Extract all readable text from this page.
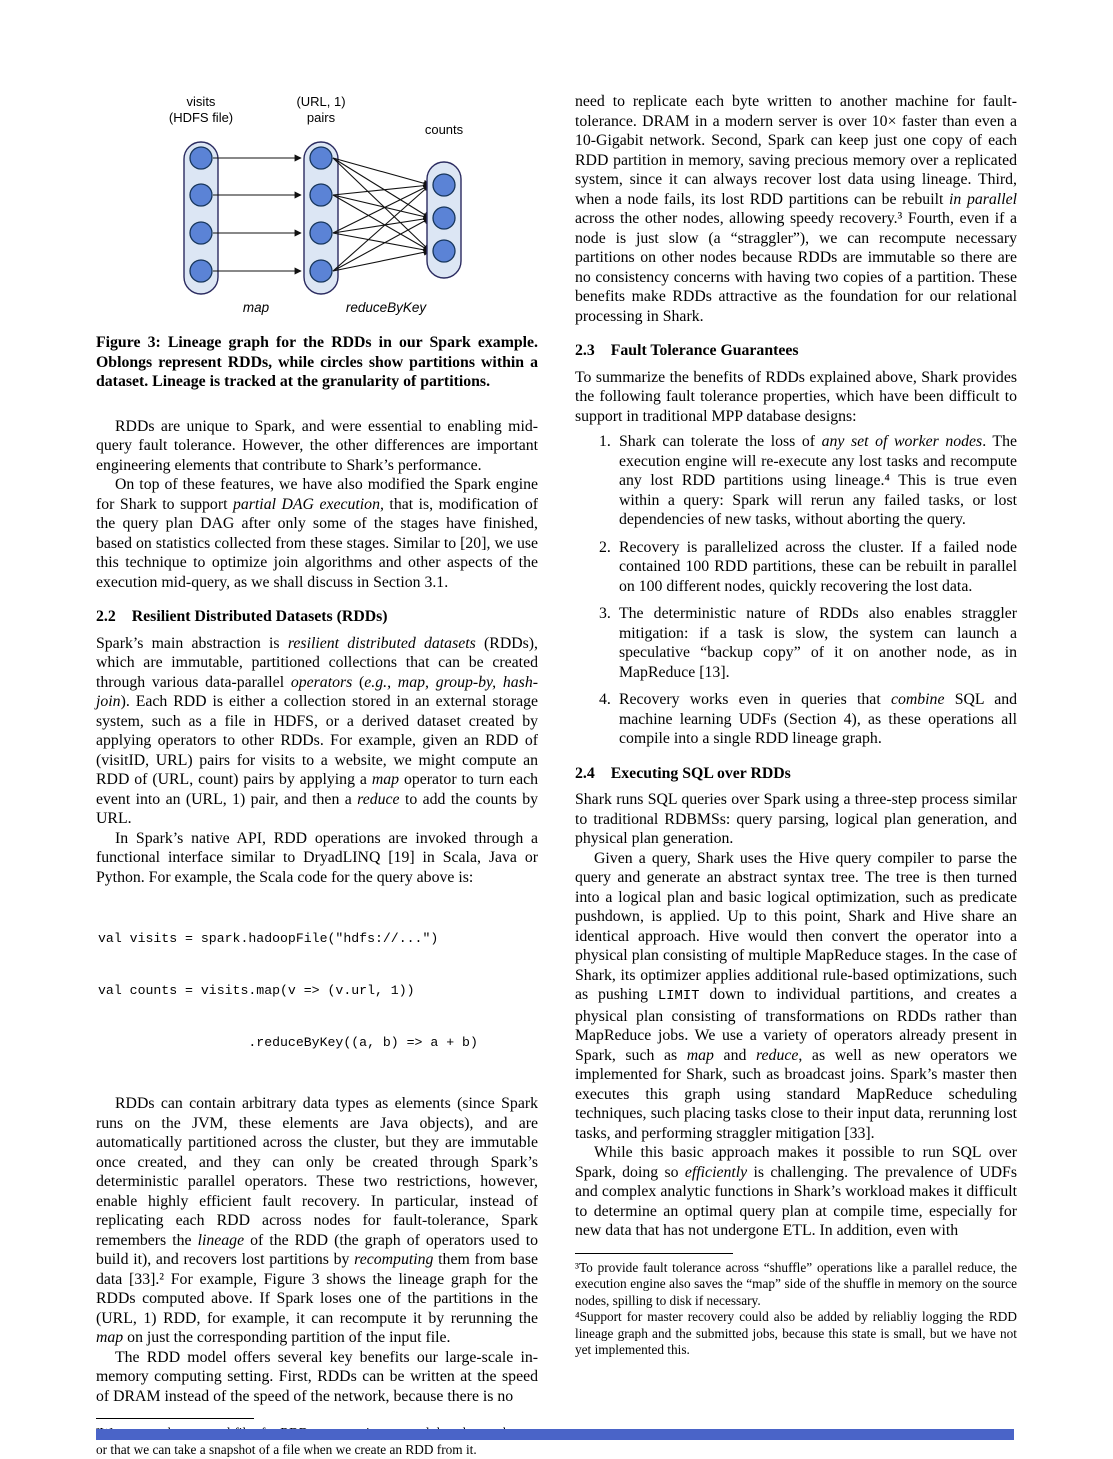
visits
(HDFS file)
(URL, 1)
pairs
counts
map	reduceByKey

Figure 3: Lineage graph for the RDDs in our Spark example. Oblongs represent RDDs, while circles show partitions within a dataset. Lineage is tracked at the granularity of partitions.

RDDs are unique to Spark, and were essential to enabling mid-query fault tolerance. However, the other differences are important engineering elements that contribute to Shark’s performance.

On top of these features, we have also modified the Spark engine for Shark to support partial DAG execution, that is, modification of the query plan DAG after only some of the stages have finished, based on statistics collected from these stages. Similar to [20], we use this technique to optimize join algorithms and other aspects of the execution mid-query, as we shall discuss in Section 3.1.

2.2 Resilient Distributed Datasets (RDDs)

Spark’s main abstraction is resilient distributed datasets (RDDs), which are immutable, partitioned collections that can be created through various data-parallel operators (e.g., map, group-by, hash-join). Each RDD is either a collection stored in an external storage system, such as a file in HDFS, or a derived dataset created by applying operators to other RDDs. For example, given an RDD of (visitID, URL) pairs for visits to a website, we might compute an RDD of (URL, count) pairs by applying a map operator to turn each event into an (URL, 1) pair, and then a reduce to add the counts by URL.

In Spark’s native API, RDD operations are invoked through a functional interface similar to DryadLINQ [19] in Scala, Java or Python. For example, the Scala code for the query above is:

val visits = spark.hadoopFile("hdfs://...")

val counts = visits.map(v => (v.url, 1))

.reduceByKey((a, b) => a + b)

RDDs can contain arbitrary data types as elements (since Spark runs on the JVM, these elements are Java objects), and are automatically partitioned across the cluster, but they are immutable once created, and they can only be created through Spark’s deterministic parallel operators. These two restrictions, however, enable highly efficient fault recovery. In particular, instead of replicating each RDD across nodes for fault-tolerance, Spark remembers the lineage of the RDD (the graph of operators used to build it), and recovers lost partitions by recomputing them from base data [33].² For example, Figure 3 shows the lineage graph for the RDDs computed above. If Spark loses one of the partitions in the (URL, 1) RDD, for example, it can recompute it by rerunning the map on just the corresponding partition of the input file.

The RDD model offers several key benefits our large-scale in-memory computing setting. First, RDDs can be written at the speed of DRAM instead of the speed of the network, because there is no

or that we can take a snapshot of a file when we create an RDD from it.

need to replicate each byte written to another machine for fault-tolerance. DRAM in a modern server is over 10× faster than even a 10-Gigabit network. Second, Spark can keep just one copy of each RDD partition in memory, saving precious memory over a replicated system, since it can always recover lost data using lineage. Third, when a node fails, its lost RDD partitions can be rebuilt in parallel across the other nodes, allowing speedy recovery.³ Fourth, even if a node is just slow (a “straggler”), we can recompute necessary partitions on other nodes because RDDs are immutable so there are no consistency concerns with having two copies of a partition. These benefits make RDDs attractive as the foundation for our relational processing in Shark.

2.3 Fault Tolerance Guarantees

To summarize the benefits of RDDs explained above, Shark provides the following fault tolerance properties, which have been difficult to support in traditional MPP database designs:

1. Shark can tolerate the loss of any set of worker nodes. The execution engine will re-execute any lost tasks and recompute any lost RDD partitions using lineage.⁴ This is true even within a query: Spark will rerun any failed tasks, or lost dependencies of new tasks, without aborting the query.
2. Recovery is parallelized across the cluster. If a failed node contained 100 RDD partitions, these can be rebuilt in parallel on 100 different nodes, quickly recovering the lost data.
3. The deterministic nature of RDDs also enables straggler mitigation: if a task is slow, the system can launch a speculative “backup copy” of it on another node, as in MapReduce [13].
4. Recovery works even in queries that combine SQL and machine learning UDFs (Section 4), as these operations all compile into a single RDD lineage graph.
2.4 Executing SQL over RDDs

Shark runs SQL queries over Spark using a three-step process similar to traditional RDBMSs: query parsing, logical plan generation, and physical plan generation.

Given a query, Shark uses the Hive query compiler to parse the query and generate an abstract syntax tree. The tree is then turned into a logical plan and basic logical optimization, such as predicate pushdown, is applied. Up to this point, Shark and Hive share an identical approach. Hive would then convert the operator into a physical plan consisting of multiple MapReduce stages. In the case of Shark, its optimizer applies additional rule-based optimizations, such as pushing LIMIT down to individual partitions, and creates a physical plan consisting of transformations on RDDs rather than MapReduce jobs. We use a variety of operators already present in Spark, such as map and reduce, as well as new operators we implemented for Shark, such as broadcast joins. Spark’s master then executes this graph using standard MapReduce scheduling techniques, such placing tasks close to their input data, rerunning lost tasks, and performing straggler mitigation [33].

While this basic approach makes it possible to run SQL over Spark, doing so efficiently is challenging. The prevalence of UDFs and complex analytic functions in Shark’s workload makes it difficult to determine an optimal query plan at compile time, especially for new data that has not undergone ETL. In addition, even with

³To provide fault tolerance across “shuffle” operations like a parallel reduce, the execution engine also saves the “map” side of the shuffle in memory on the source nodes, spilling to disk if necessary.

⁴Support for master recovery could also be added by reliabliy logging the RDD lineage graph and the submitted jobs, because this state is small, but we have not yet implemented this.
